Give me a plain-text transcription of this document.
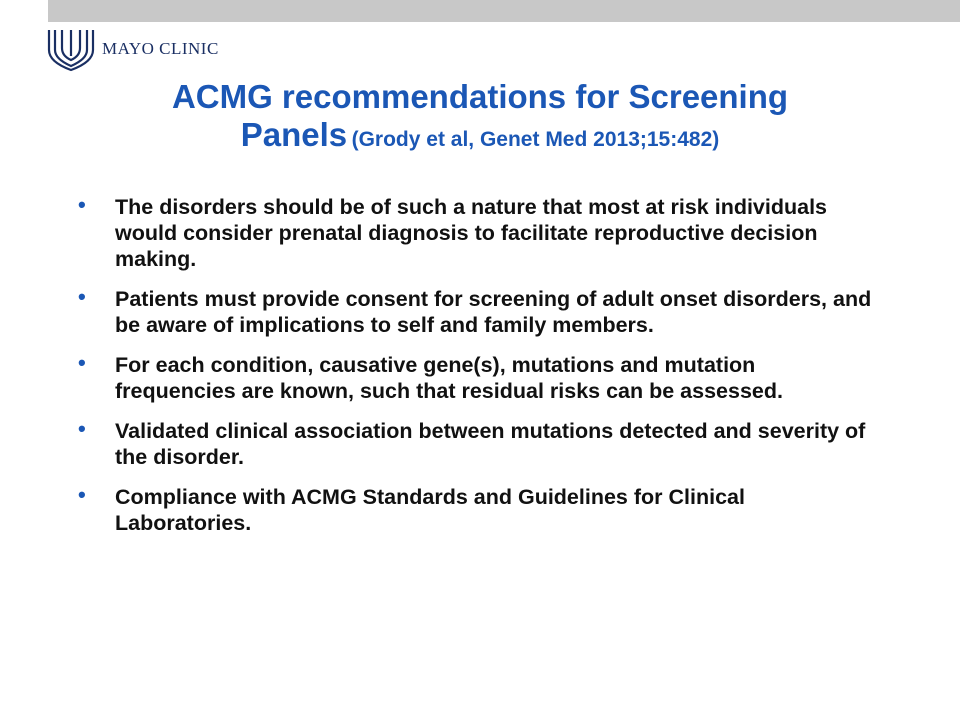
MAYO CLINIC
ACMG recommendations for Screening
Panels (Grody et al, Genet Med 2013;15:482)
• The disorders should be of such a nature that most at risk individuals would consider prenatal diagnosis to facilitate reproductive decision making.
• Patients must provide consent for screening of adult onset disorders, and be aware of implications to self and family members.
• For each condition, causative gene(s), mutations and mutation frequencies are known, such that residual risks can be assessed.
• Validated clinical association between mutations detected and severity of the disorder.
• Compliance with ACMG Standards and Guidelines for Clinical Laboratories.
